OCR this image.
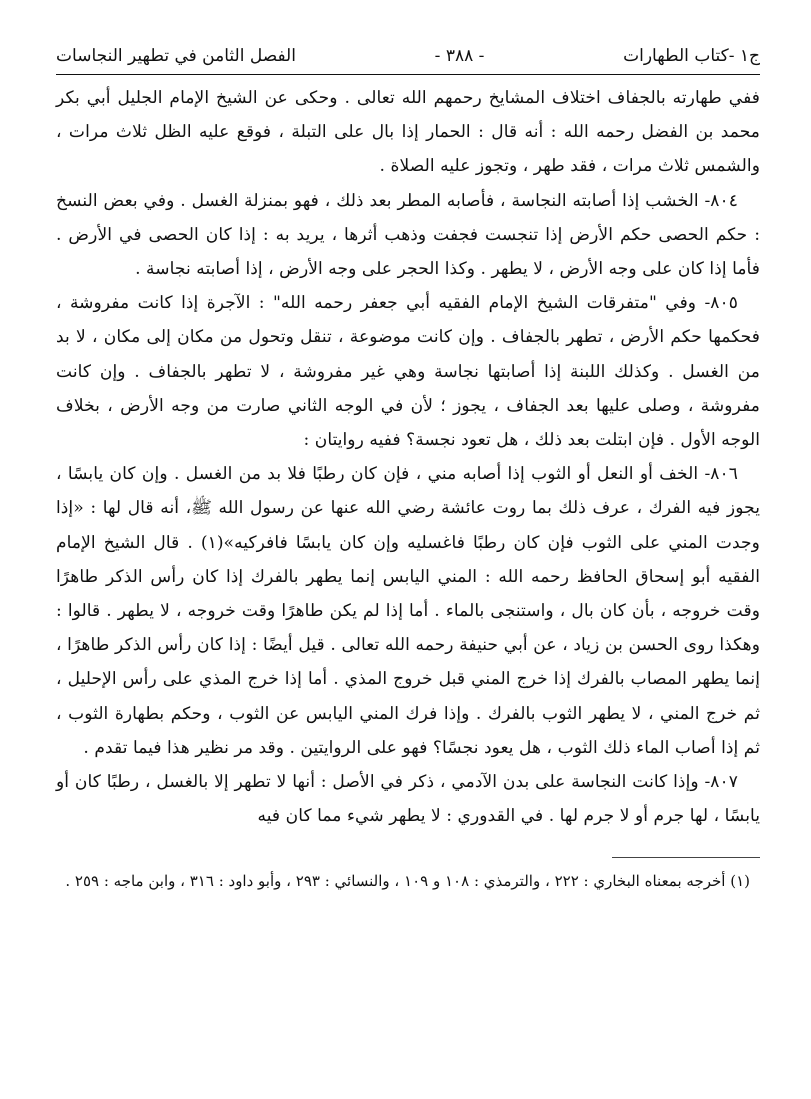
ج١ -كتاب الطهارات
- ٣٨٨ -
الفصل الثامن في تطهير النجاسات

ففي طهارته بالجفاف اختلاف المشايخ رحمهم الله تعالى . وحكى عن الشيخ الإمام الجليل أبي بكر محمد بن الفضل رحمه الله : أنه قال : الحمار إذا بال على التبلة ، فوقع عليه الظل ثلاث مرات ، والشمس ثلاث مرات ، فقد طهر ، وتجوز عليه الصلاة .

٨٠٤- الخشب إذا أصابته النجاسة ، فأصابه المطر بعد ذلك ، فهو بمنزلة الغسل . وفي بعض النسخ : حكم الحصى حكم الأرض إذا تنجست فجفت وذهب أثرها ، يريد به : إذا كان الحصى في الأرض . فأما إذا كان على وجه الأرض ، لا يطهر . وكذا الحجر على وجه الأرض ، إذا أصابته نجاسة .

٨٠٥- وفي "متفرقات الشيخ الإمام الفقيه أبي جعفر رحمه الله" : الآجرة إذا كانت مفروشة ، فحكمها حكم الأرض ، تطهر بالجفاف . وإن كانت موضوعة ، تنقل وتحول من مكان إلى مكان ، لا بد من الغسل . وكذلك اللبنة إذا أصابتها نجاسة وهي غير مفروشة ، لا تطهر بالجفاف . وإن كانت مفروشة ، وصلى عليها بعد الجفاف ، يجوز ؛ لأن في الوجه الثاني صارت من وجه الأرض ، بخلاف الوجه الأول . فإن ابتلت بعد ذلك ، هل تعود نجسة؟ ففيه روايتان :

٨٠٦- الخف أو النعل أو الثوب إذا أصابه مني ، فإن كان رطبًا فلا بد من الغسل . وإن كان يابسًا ، يجوز فيه الفرك ، عرف ذلك بما روت عائشة رضي الله عنها عن رسول الله ﷺ، أنه قال لها : «إذا وجدت المني على الثوب فإن كان رطبًا فاغسليه وإن كان يابسًا فافركيه»(١) . قال الشيخ الإمام الفقيه أبو إسحاق الحافظ رحمه الله : المني اليابس إنما يطهر بالفرك إذا كان رأس الذكر طاهرًا وقت خروجه ، بأن كان بال ، واستنجى بالماء . أما إذا لم يكن طاهرًا وقت خروجه ، لا يطهر . قالوا : وهكذا روى الحسن بن زياد ، عن أبي حنيفة رحمه الله تعالى . قيل أيضًا : إذا كان رأس الذكر طاهرًا ، إنما يطهر المصاب بالفرك إذا خرج المني قبل خروج المذي . أما إذا خرج المذي على رأس الإحليل ، ثم خرج المني ، لا يطهر الثوب بالفرك . وإذا فرك المني اليابس عن الثوب ، وحكم بطهارة الثوب ، ثم إذا أصاب الماء ذلك الثوب ، هل يعود نجسًا؟ فهو على الروايتين . وقد مر نظير هذا فيما تقدم .

٨٠٧- وإذا كانت النجاسة على بدن الآدمي ، ذكر في الأصل : أنها لا تطهر إلا بالغسل ، رطبًا كان أو يابسًا ، لها جرم أو لا جرم لها . في القدوري : لا يطهر شيء مما كان فيه

(١) أخرجه بمعناه البخاري : ٢٢٢ ، والترمذي : ١٠٨ و ١٠٩ ، والنسائي : ٢٩٣ ، وأبو داود : ٣١٦ ، وابن ماجه : ٢٥٩ .
